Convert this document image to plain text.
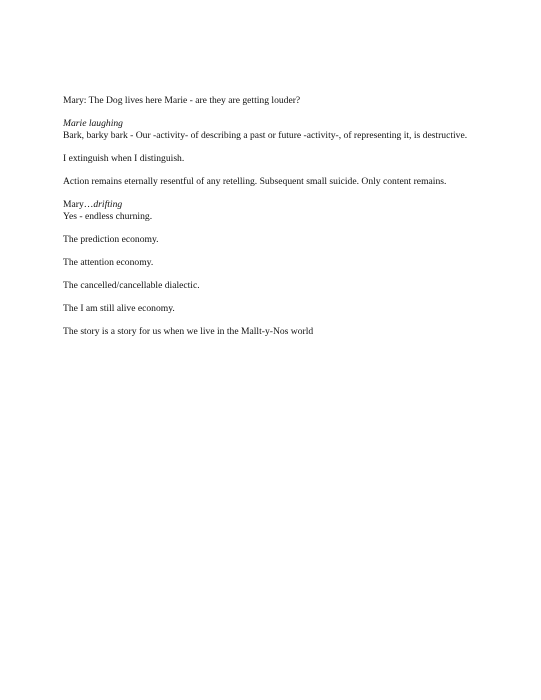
Mary: The Dog lives here Marie - are they are getting louder?

Marie laughing
Bark, barky bark - Our -activity- of describing a past or future -activity-, of representing it, is destructive.

I extinguish when I distinguish.

Action remains eternally resentful of any retelling. Subsequent small suicide. Only content remains.

Mary…drifting
Yes - endless churning.

The prediction economy.

The attention economy.

The cancelled/cancellable dialectic.

The I am still alive economy.

The story is a story for us when we live in the Mallt-y-Nos world
